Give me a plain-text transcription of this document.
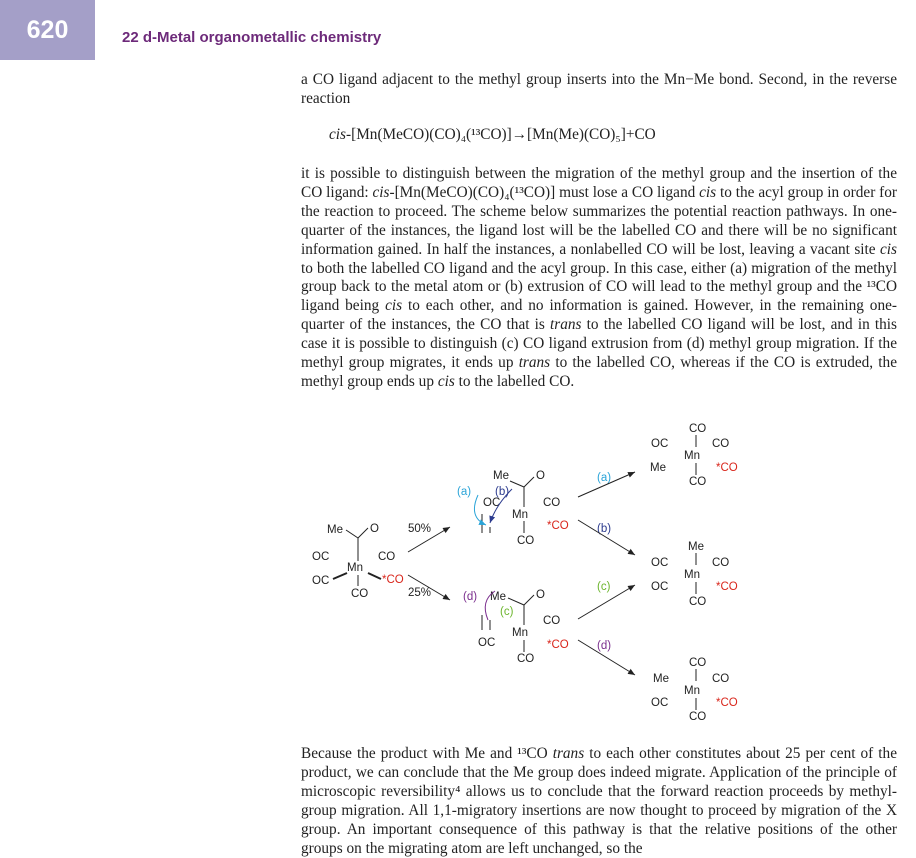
620	22 d-Metal organometallic chemistry

a CO ligand adjacent to the methyl group inserts into the Mn−Me bond. Second, in the reverse reaction

cis-[Mn(MeCO)(CO)₄(¹³CO)]→[Mn(Me)(CO)₅]+CO

it is possible to distinguish between the migration of the methyl group and the insertion of the CO ligand: cis-[Mn(MeCO)(CO)₄(¹³CO)] must lose a CO ligand cis to the acyl group in order for the reaction to proceed. The scheme below summarizes the potential reaction pathways. In one-quarter of the instances, the ligand lost will be the labelled CO and there will be no significant information gained. In half the instances, a nonlabelled CO will be lost, leaving a vacant site cis to both the labelled CO ligand and the acyl group. In this case, either (a) migration of the methyl group back to the metal atom or (b) extrusion of CO will lead to the methyl group and the ¹³CO ligand being cis to each other, and no information is gained. However, in the remaining one-quarter of the instances, the CO that is trans to the labelled CO ligand will be lost, and in this case it is possible to distinguish (c) CO ligand extrusion from (d) methyl group migration. If the methyl group migrates, it ends up trans to the labelled CO, whereas if the CO is extruded, the methyl group ends up cis to the labelled CO.

Me O
OC	CO
Mn
OC	*CO
CO
50%
25%
Me O
OC	CO
Mn
*CO
CO
(a) (b)
(d) Me	O
(c)
CO
Mn
OC	*CO
CO
(a)
(b)
(c)
(d)
CO
OC	CO
Mn
Me	*CO
CO
Me
OC	CO
Mn
OC	*CO
CO
CO
Me	CO
Mn
OC	*CO
CO

Because the product with Me and ¹³CO trans to each other constitutes about 25 per cent of the product, we can conclude that the Me group does indeed migrate. Application of the principle of microscopic reversibility⁴ allows us to conclude that the forward reaction proceeds by methyl-group migration. All 1,1-migratory insertions are now thought to proceed by migration of the X group. An important consequence of this pathway is that the relative positions of the other groups on the migrating atom are left unchanged, so the
